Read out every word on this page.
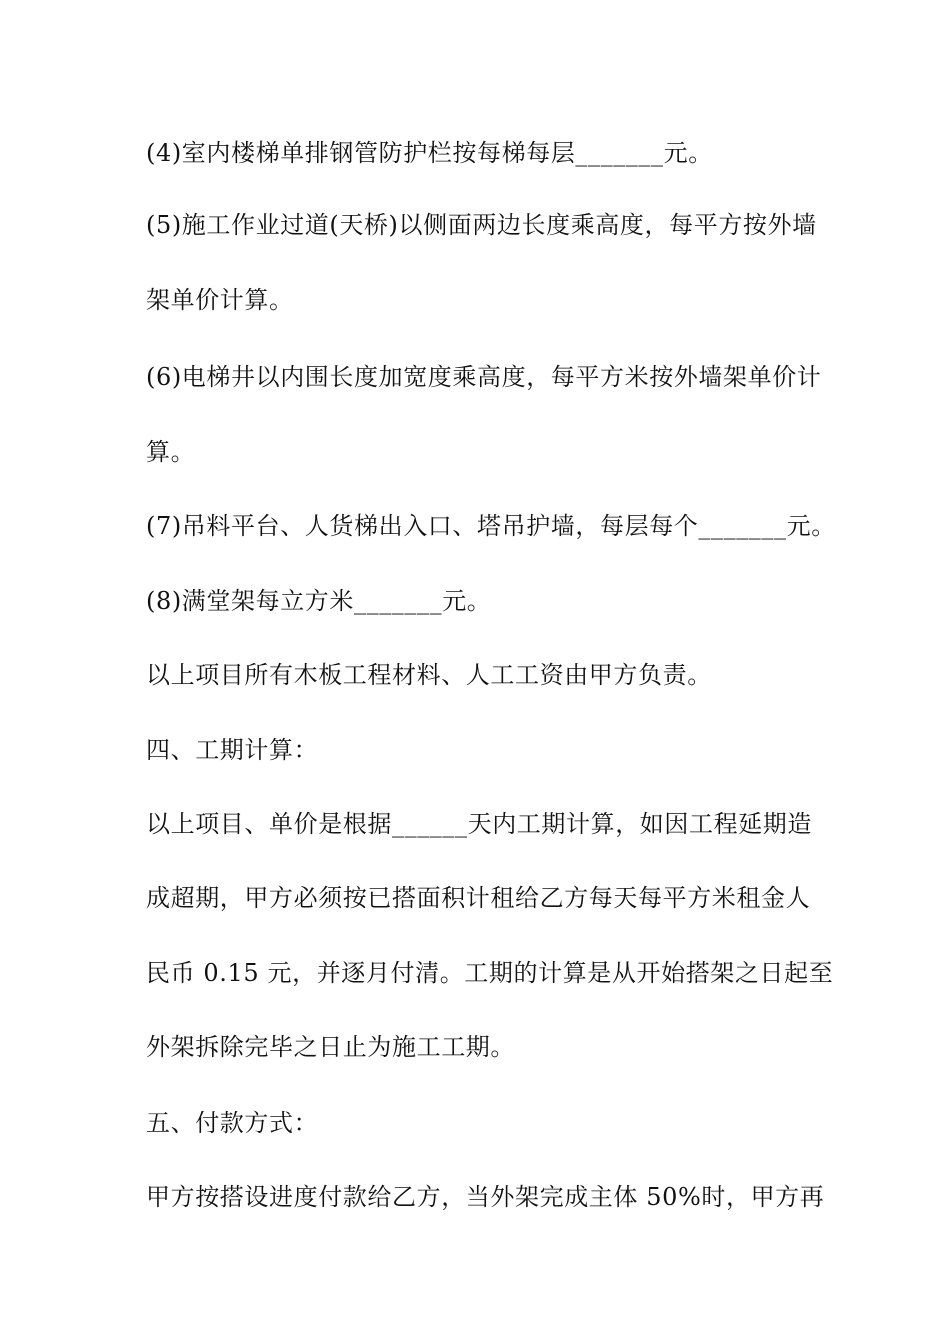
(4)室内楼梯单排钢管防护栏按每梯每层_______元。
(5)施工作业过道(天桥)以侧面两边长度乘高度，每平方按外墙
架单价计算。
(6)电梯井以内围长度加宽度乘高度，每平方米按外墙架单价计
算。
(7)吊料平台、人货梯出入口、塔吊护墙，每层每个_______元。
(8)满堂架每立方米_______元。
以上项目所有木板工程材料、人工工资由甲方负责。
四、工期计算：
以上项目、单价是根据______天内工期计算，如因工程延期造
成超期，甲方必须按已搭面积计租给乙方每天每平方米租金人
民币 0.15 元，并逐月付清。工期的计算是从开始搭架之日起至
外架拆除完毕之日止为施工工期。
五、付款方式：
甲方按搭设进度付款给乙方，当外架完成主体 50%时，甲方再
